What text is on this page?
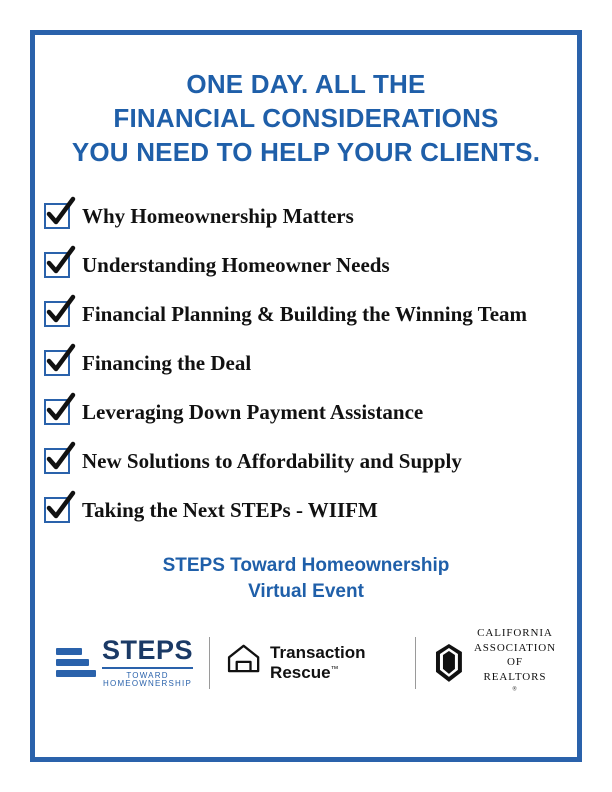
ONE DAY. ALL THE
FINANCIAL CONSIDERATIONS
YOU NEED TO HELP YOUR CLIENTS.
Why Homeownership Matters
Understanding Homeowner Needs
Financial Planning & Building the Winning Team
Financing the Deal
Leveraging Down Payment Assistance
New Solutions to Affordability and Supply
Taking the Next STEPs - WIIFM
STEPS Toward Homeownership
Virtual Event
STEPS
TOWARD
HOMEOWNERSHIP
Transaction Rescue™
CALIFORNIA
ASSOCIATION
OF REALTORS
®
